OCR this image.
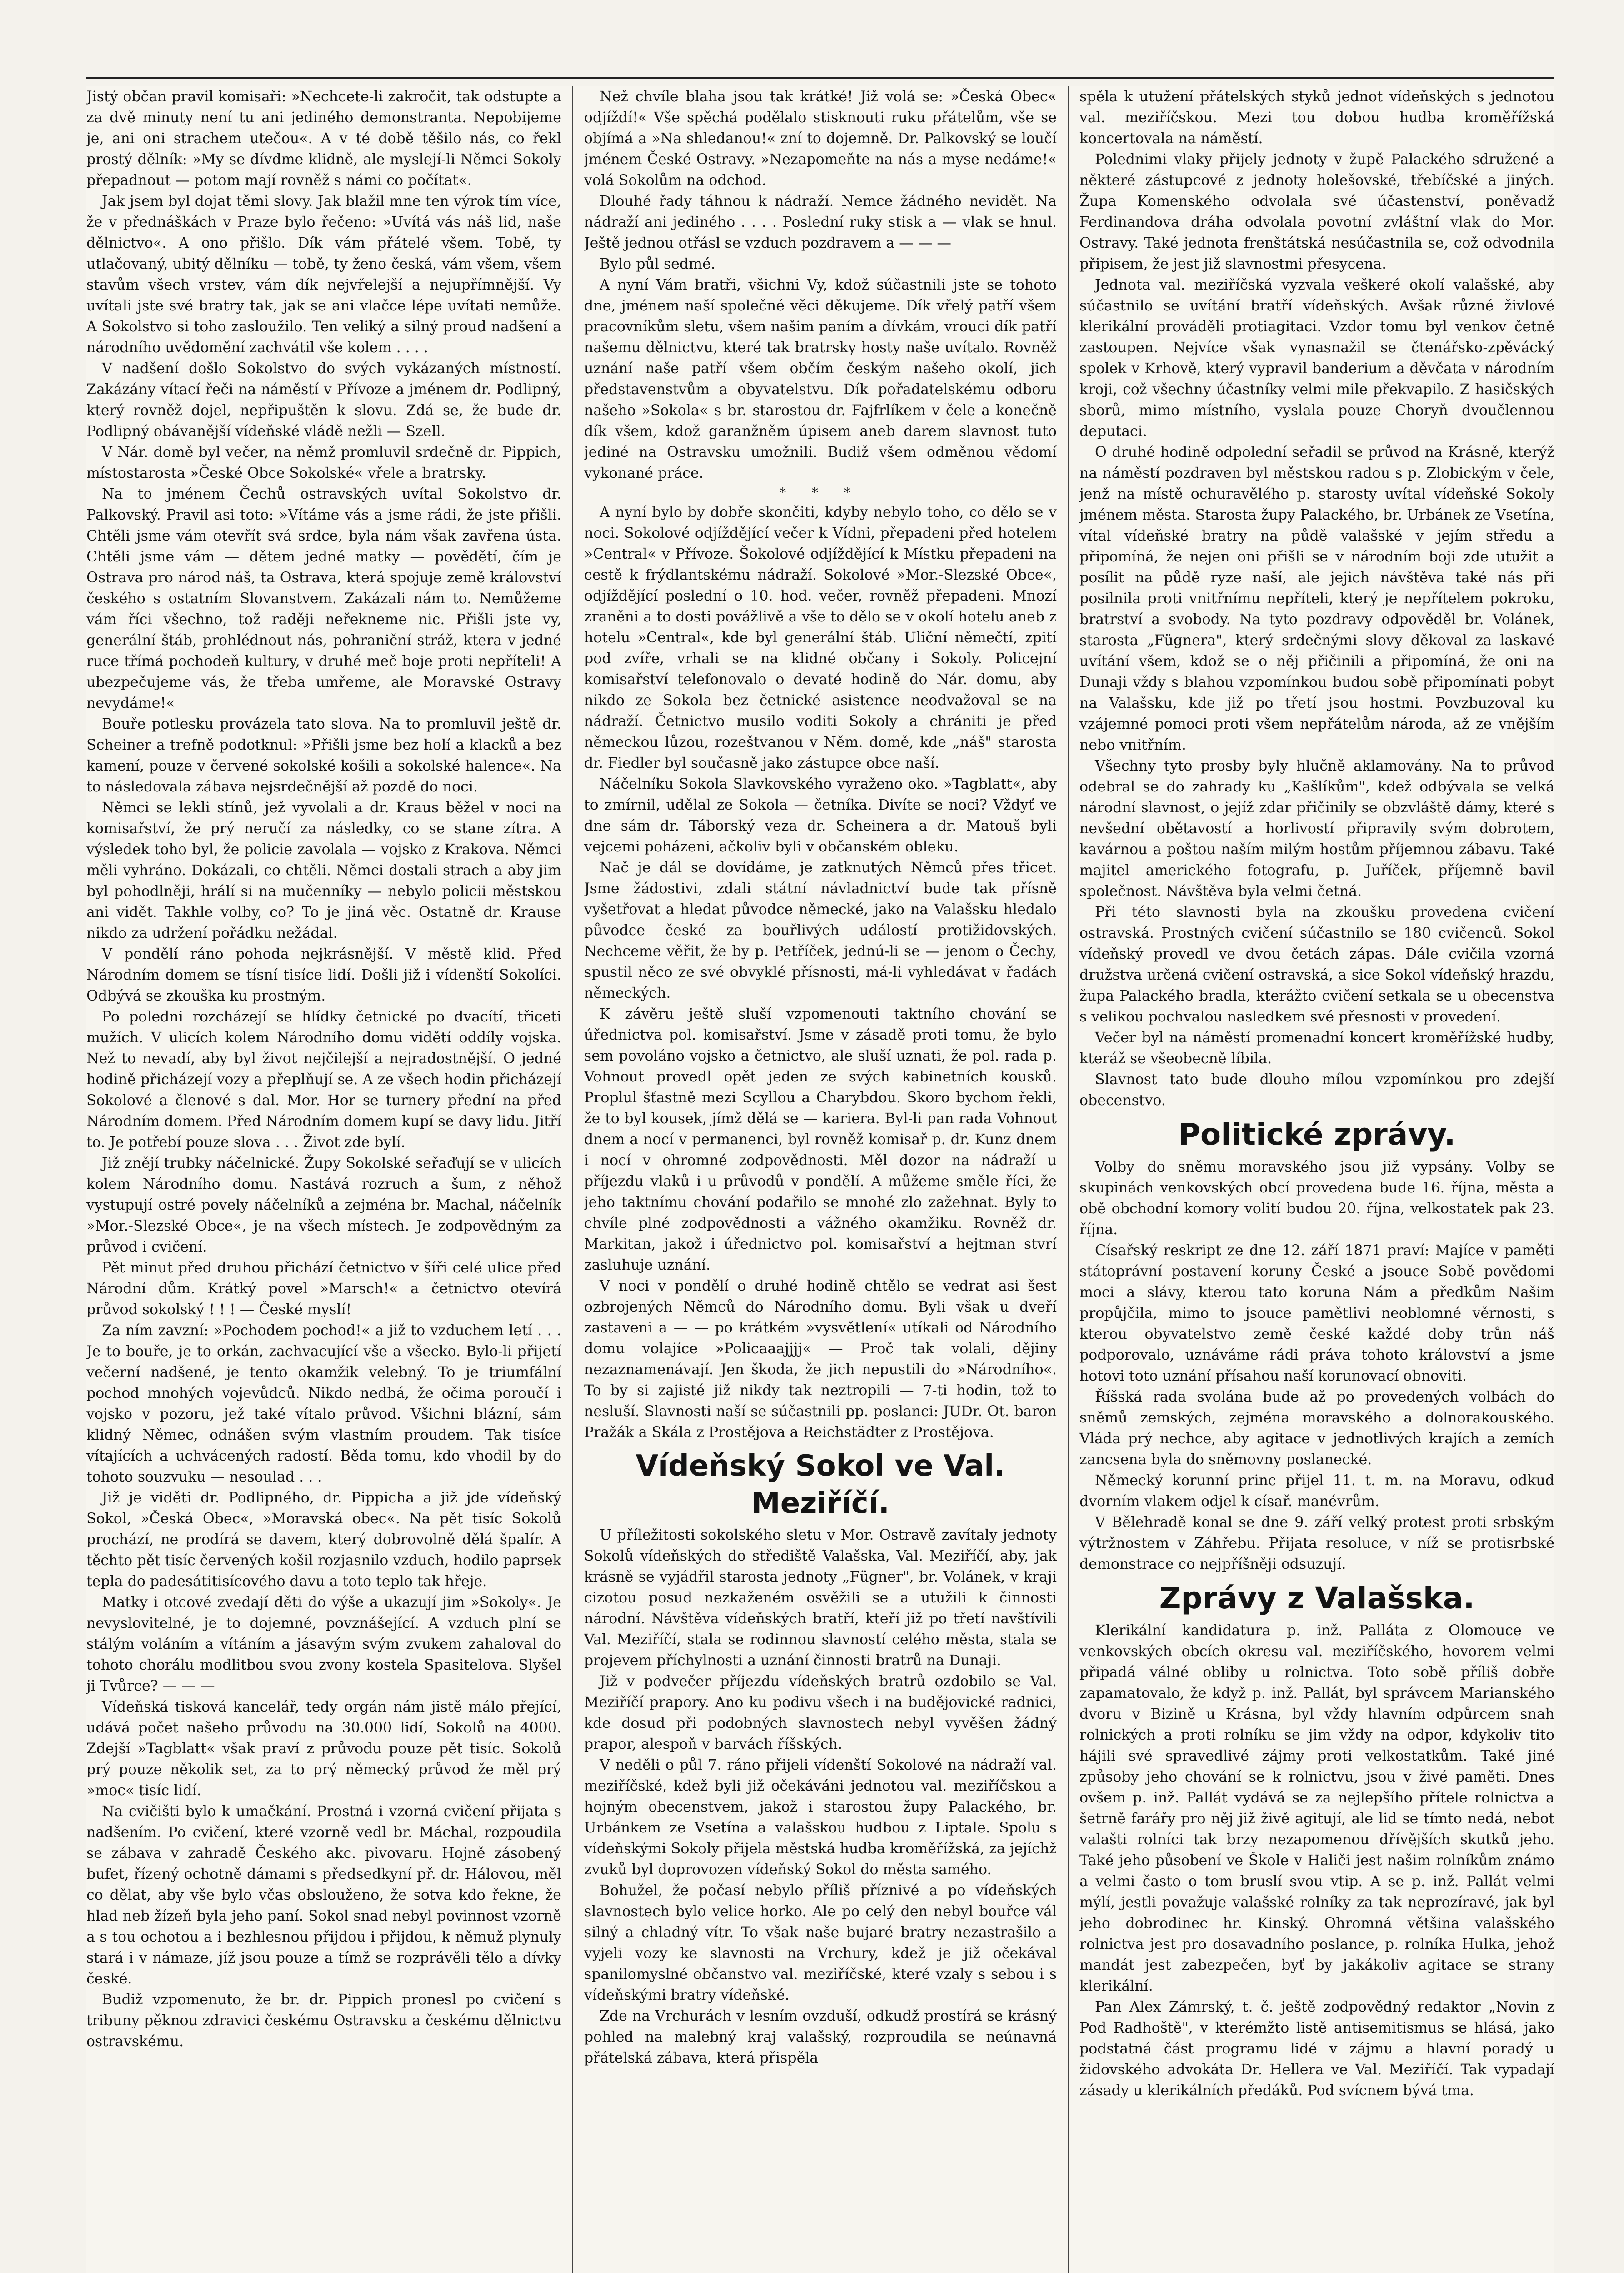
Jistý občan pravil komisaři: »Nechcete-li zakročit, tak odstupte a za dvě minuty není tu ani jediného demonstranta. Nepobijeme je, ani oni strachem utečou«. A v té době těšilo nás, co řekl prostý dělník: »My se dívdme klidně, ale myslejí-li Němci Sokoly přepadnout — potom mají rovněž s námi co počítat«.

Jak jsem byl dojat těmi slovy. Jak blažil mne ten výrok tím více, že v přednáškách v Praze bylo řečeno: »Uvítá vás náš lid, naše dělnictvo«. A ono přišlo. Dík vám přátelé všem. Tobě, ty utlačovaný, ubitý dělníku — tobě, ty ženo česká, vám všem, všem stavům všech vrstev, vám dík nejvřelejší a nejupřímnější. Vy uvítali jste své bratry tak, jak se ani vlačce lépe uvítati nemůže. A Sokolstvo si toho zasloužilo. Ten veliký a silný proud nadšení a národního uvědomění zachvátil vše kolem . . . .

V nadšení došlo Sokolstvo do svých vykázaných místností. Zakázány vítací řeči na náměstí v Přívoze a jménem dr. Podlipný, který rovněž dojel, nepřipuštěn k slovu. Zdá se, že bude dr. Podlipný obávanější vídeňské vládě nežli — Szell.

V Nár. domě byl večer, na němž promluvil srdečně dr. Pippich, místostarosta »České Obce Sokolské« vřele a bratrsky.

Na to jménem Čechů ostravských uvítal Sokolstvo dr. Palkovský. Pravil asi toto: »Vítáme vás a jsme rádi, že jste přišli. Chtěli jsme vám otevřít svá srdce, byla nám však zavřena ústa. Chtěli jsme vám — dětem jedné matky — povědětí, čím je Ostrava pro národ náš, ta Ostrava, která spojuje země království českého s ostatním Slovanstvem. Zakázali nám to. Nemůžeme vám říci všechno, tož raději neřekneme nic. Přišli jste vy, generální štáb, prohlédnout nás, pohraniční stráž, ktera v jedné ruce třímá pochodeň kultury, v druhé meč boje proti nepříteli! A ubezpečujeme vás, že třeba umřeme, ale Moravské Ostravy nevydáme!«

Bouře potlesku provázela tato slova. Na to promluvil ještě dr. Scheiner a trefně podotknul: »Přišli jsme bez holí a klacků a bez kamení, pouze v červené sokolské košili a sokolské halence«. Na to následovala zábava nejsrdečnější až pozdě do noci.

Němci se lekli stínů, jež vyvolali a dr. Kraus běžel v noci na komisařství, že prý neručí za následky, co se stane zítra. A výsledek toho byl, že policie zavolala — vojsko z Krakova. Němci měli vyhráno. Dokázali, co chtěli. Němci dostali strach a aby jim byl pohodlněji, hrálí si na mučenníky — nebylo policii městskou ani vidět. Takhle volby, co? To je jiná věc. Ostatně dr. Krause nikdo za udržení pořádku nežádal.

V pondělí ráno pohoda nejkrásnější. V městě klid. Před Národním domem se tísní tisíce lidí. Došli již i vídenští Sokolíci. Odbývá se zkouška ku prostným.

Po poledni rozcházejí se hlídky četnické po dvacítí, třiceti mužích. V ulicích kolem Národního domu vidětí oddíly vojska. Než to nevadí, aby byl život nejčilejší a nejradostnější. O jedné hodině přicházejí vozy a přeplňují se. A ze všech hodin přicházejí Sokolové a členové s dal. Mor. Hor se turnery přední na před Národním domem. Před Národním domem kupí se davy lidu. Jitří to. Je potřebí pouze slova . . . Život zde bylí.

Již znějí trubky náčelnické. Župy Sokolské seřaďují se v ulicích kolem Národního domu. Nastává rozruch a šum, z něhož vystupují ostré povely náčelníků a zejména br. Machal, náčelník »Mor.-Slezské Obce«, je na všech místech. Je zodpovědným za průvod i cvičení.

Pět minut před druhou přichází četnictvo v šíři celé ulice před Národní dům. Krátký povel »Marsch!« a četnictvo otevírá průvod sokolský ! ! ! — České myslí!

Za ním zavzní: »Pochodem pochod!« a již to vzduchem letí . . . Je to bouře, je to orkán, zachvacující vše a všecko. Bylo-li přijetí večerní nadšené, je tento okamžik velebný. To je triumfální pochod mnohých vojevůdců. Nikdo nedbá, že očima poroučí i vojsko v pozoru, jež také vítalo průvod. Všichni blázní, sám klidný Němec, odnášen svým vlastním proudem. Tak tisíce vítajících a uchvácených radostí. Běda tomu, kdo vhodil by do tohoto souzvuku — nesoulad . . .

Již je viděti dr. Podlipného, dr. Pippicha a již jde vídeňský Sokol, »Česká Obec«, »Moravská obec«. Na pět tisíc Sokolů prochází, ne prodírá se davem, který dobrovolně dělá špalír. A těchto pět tisíc červených košil rozjasnilo vzduch, hodilo paprsek tepla do padesátitisícového davu a toto teplo tak hřeje.

Matky i otcové zvedají děti do výše a ukazují jim »Sokoly«. Je nevyslovitelné, je to dojemné, povznášející. A vzduch plní se stálým voláním a vítáním a jásavým svým zvukem zahaloval do tohoto chorálu modlitbou svou zvony kostela Spasitelova. Slyšel ji Tvůrce? — — —

Vídeňská tisková kancelář, tedy orgán nám jistě málo přející, udává počet našeho průvodu na 30.000 lidí, Sokolů na 4000. Zdejší »Tagblatt« však praví z průvodu pouze pět tisíc. Sokolů prý pouze několik set, za to prý německý průvod že měl prý »moc« tisíc lidí.

Na cvičišti bylo k umačkání. Prostná i vzorná cvičení přijata s nadšením. Po cvičení, které vzorně vedl br. Máchal, rozpoudila se zábava v zahradě Českého akc. pivovaru. Hojně zásobený bufet, řízený ochotně dámami s předsedkyní př. dr. Hálovou, měl co dělat, aby vše bylo včas obslouženo, že sotva kdo řekne, že hlad neb žízeň byla jeho paní. Sokol snad nebyl povinnost vzorně a s tou ochotou a i bezhlesnou přijdou i přijdou, k němuž plynuly stará i v námaze, jíž jsou pouze a tímž se rozprávěli tělo a dívky české.

Budiž vzpomenuto, že br. dr. Pippich pronesl po cvičení s tribuny pěknou zdravici českému Ostravsku a českému dělnictvu ostravskému.

Než chvíle blaha jsou tak krátké! Již volá se: »Česká Obec« odjíždí!« Vše spěchá podělalo stisknouti ruku přátelům, vše se objímá a »Na shledanou!« zní to dojemně. Dr. Palkovský se loučí jménem České Ostravy. »Nezapomeňte na nás a myse nedáme!« volá Sokolům na odchod.

Dlouhé řady táhnou k nádraží. Nemce žádného nevidět. Na nádraží ani jediného . . . . Poslední ruky stisk a — vlak se hnul. Ještě jednou otřásl se vzduch pozdravem a — — —

Bylo půl sedmé.

A nyní Vám bratři, všichni Vy, kdož súčastnili jste se tohoto dne, jménem naší společné věci děkujeme. Dík vřelý patří všem pracovníkům sletu, všem našim paním a dívkám, vrouci dík patří našemu dělnictvu, které tak bratrsky hosty naše uvítalo. Rovněž uznání naše patří všem občím českým našeho okolí, jich představenstvům a obyvatelstvu. Dík pořadatelskému odboru našeho »Sokola« s br. starostou dr. Fajfrlíkem v čele a konečně dík všem, kdož garanžněm úpisem aneb darem slavnost tuto jediné na Ostravsku umožnili. Budiž všem odměnou vědomí vykonané práce.

* * *

A nyní bylo by dobře skončiti, kdyby nebylo toho, co dělo se v noci. Sokolové odjíždějící večer k Vídni, přepadeni před hotelem »Central« v Přívoze. Šokolové odjíždějící k Místku přepadeni na cestě k frýdlantskému nádraží. Sokolové »Mor.-Slezské Obce«, odjíždějící poslední o 10. hod. večer, rovněž přepadeni. Mnozí zraněni a to dosti povážlivě a vše to dělo se v okolí hotelu aneb z hotelu »Central«, kde byl generální štáb. Uliční němečtí, zpití pod zvíře, vrhali se na klidné občany i Sokoly. Policejní komisařství telefonovalo o devaté hodině do Nár. domu, aby nikdo ze Sokola bez četnické asistence neodvažoval se na nádraží. Četnictvo musilo voditi Sokoly a chrániti je před německou lůzou, rozeštvanou v Něm. domě, kde „náš" starosta dr. Fiedler byl současně jako zástupce obce naší.

Náčelníku Sokola Slavkovského vyraženo oko. »Tagblatt«, aby to zmírnil, udělal ze Sokola — četníka. Divíte se noci? Vždyť ve dne sám dr. Táborský veza dr. Scheinera a dr. Matouš byli vejcemi poházeni, ačkoliv byli v občanském obleku.

Nač je dál se dovídáme, je zatknutých Němců přes třicet. Jsme žádostivi, zdali státní návladnictví bude tak přísně vyšetřovat a hledat původce německé, jako na Valašsku hledalo původce české za bouřlivých událostí protižidovských. Nechceme věřit, že by p. Petříček, jednú-li se — jenom o Čechy, spustil něco ze své obvyklé přísnosti, má-li vyhledávat v řadách německých.

K závěru ještě sluší vzpomenouti taktního chování se úřednictva pol. komisařství. Jsme v zásadě proti tomu, že bylo sem povoláno vojsko a četnictvo, ale sluší uznati, že pol. rada p. Vohnout provedl opět jeden ze svých kabinetních kousků. Proplul šťastně mezi Scyllou a Charybdou. Skoro bychom řekli, že to byl kousek, jímž dělá se — kariera. Byl-li pan rada Vohnout dnem a nocí v permanenci, byl rovněž komisař p. dr. Kunz dnem i nocí v ohromné zodpovědnosti. Měl dozor na nádraží u příjezdu vlaků i u průvodů v pondělí. A můžeme směle říci, že jeho taktnímu chování podařilo se mnohé zlo zažehnat. Byly to chvíle plné zodpovědnosti a vážného okamžiku. Rovněž dr. Markitan, jakož i úřednictvo pol. komisařství a hejtman stvrí zasluhuje uznání.

V noci v pondělí o druhé hodině chtělo se vedrat asi šest ozbrojených Němců do Národního domu. Byli však u dveří zastaveni a — — po krátkém »vysvětlení« utíkali od Národního domu volajíce »Policaaajjjj« — Proč tak volali, dějiny nezaznamenávají. Jen škoda, že jich nepustili do »Národního«. To by si zajisté již nikdy tak neztropili — 7-ti hodin, tož to nesluší. Slavnosti naší se súčastnili pp. poslanci: JUDr. Ot. baron Pražák a Skála z Prostějova a Reichstädter z Prostějova.

Vídeňský Sokol ve Val. Meziříčí.

U příležitosti sokolského sletu v Mor. Ostravě zavítaly jednoty Sokolů vídeňských do střediště Valašska, Val. Meziříčí, aby, jak krásně se vyjádřil starosta jednoty „Fügner", br. Volánek, v kraji cizotou posud nezkaženém osvěžili se a utužili k činnosti národní. Návštěva vídeňských bratří, kteří již po třetí navštívili Val. Meziříčí, stala se rodinnou slavností celého města, stala se projevem příchylnosti a uznání činnosti bratrů na Dunaji.

Již v podvečer příjezdu vídeňských bratrů ozdobilo se Val. Meziříčí prapory. Ano ku podivu všech i na budějovické radnici, kde dosud při podobných slavnostech nebyl vyvěšen žádný prapor, alespoň v barvách říšských.

V neděli o půl 7. ráno přijeli vídenští Sokolové na nádraží val. meziříčské, kdež byli již očekáváni jednotou val. meziříčskou a hojným obecenstvem, jakož i starostou župy Palackého, br. Urbánkem ze Vsetína a valašskou hudbou z Liptale. Spolu s vídeňskými Sokoly přijela městská hudba kroměřížská, za jejíchž zvuků byl doprovozen vídeňský Sokol do města samého.

Bohužel, že počasí nebylo příliš příznivé a po vídeňských slavnostech bylo velice horko. Ale po celý den nebyl bouřce vál silný a chladný vítr. To však naše bujaré bratry nezastrašilo a vyjeli vozy ke slavnosti na Vrchury, kdež je již očekával spanilomyslné občanstvo val. meziříčské, které vzaly s sebou i s vídeňskými bratry vídeňské.

Zde na Vrchurách v lesním ovzduší, odkudž prostírá se krásný pohled na malebný kraj valašský, rozproudila se neúnavná přátelská zábava, která přispěla

spěla k utužení přátelských styků jednot vídeňských s jednotou val. meziříčskou. Mezi tou dobou hudba kroměřížská koncertovala na náměstí.

Polednimi vlaky přijely jednoty v župě Palackého sdružené a některé zástupcové z jednoty holešovské, třebíčské a jiných. Župa Komenského odvolala své účastenství, poněvadž Ferdinandova dráha odvolala povotní zvláštní vlak do Mor. Ostravy. Také jednota frenštátská nesúčastnila se, což odvodnila připisem, že jest již slavnostmi přesycena.

Jednota val. meziříčská vyzvala veškeré okolí valašské, aby súčastnilo se uvítání bratří vídeňských. Avšak různé živlové klerikální prováděli protiagitaci. Vzdor tomu byl venkov četně zastoupen. Nejvíce však vynasnažil se čtenářsko-zpěvácký spolek v Krhově, který vypravil banderium a děvčata v národním kroji, což všechny účastníky velmi mile překvapilo. Z hasičských sborů, mimo místního, vyslala pouze Choryň dvoučlennou deputaci.

O druhé hodině odpolední seřadil se průvod na Krásně, kterýž na náměstí pozdraven byl městskou radou s p. Zlobickým v čele, jenž na místě ochuravělého p. starosty uvítal vídeňské Sokoly jménem města. Starosta župy Palackého, br. Urbánek ze Vsetína, vítal vídeňské bratry na půdě valašské v jejím středu a připomíná, že nejen oni přišli se v národním boji zde utužit a posílit na půdě ryze naší, ale jejich návštěva také nás při posilnila proti vnitřnímu nepříteli, který je nepřítelem pokroku, bratrství a svobody. Na tyto pozdravy odpověděl br. Volánek, starosta „Fügnera", který srdečnými slovy děkoval za laskavé uvítání všem, kdož se o něj přičinili a připomíná, že oni na Dunaji vždy s blahou vzpomínkou budou sobě připomínati pobyt na Valašsku, kde již po třetí jsou hostmi. Povzbuzoval ku vzájemné pomoci proti všem nepřátelům národa, až ze vnějším nebo vnitřním.

Všechny tyto prosby byly hlučně aklamovány. Na to průvod odebral se do zahrady ku „Kašlíkům", kdež odbývala se velká národní slavnost, o jejíž zdar přičinily se obzvláště dámy, které s nevšední obětavostí a horlivostí připravily svým dobrotem, kavárnou a poštou naším milým hostům příjemnou zábavu. Také majitel amerického fotografu, p. Juříček, příjemně bavil společnost. Návštěva byla velmi četná.

Při této slavnosti byla na zkoušku provedena cvičení ostravská. Prostných cvičení súčastnilo se 180 cvičenců. Sokol vídeňský provedl ve dvou četách zápas. Dále cvičila vzorná družstva určená cvičení ostravská, a sice Sokol vídeňský hrazdu, župa Palackého bradla, kterážto cvičení setkala se u obecenstva s velikou pochvalou nasledkem své přesnosti v provedení.

Večer byl na náměstí promenadní koncert kroměřížské hudby, kteráž se všeobecně líbila.

Slavnost tato bude dlouho mílou vzpomínkou pro zdejší obecenstvo.

Politické zprávy.

Volby do sněmu moravského jsou již vypsány. Volby se skupinách venkovských obcí provedena bude 16. října, města a obě obchodní komory volití budou 20. října, velkostatek pak 23. října.

Císařský reskript ze dne 12. září 1871 praví: Majíce v paměti státoprávní postavení koruny České a jsouce Sobě povědomi moci a slávy, kterou tato koruna Nám a předkům Našim propůjčila, mimo to jsouce pamětlivi neoblomné věrnosti, s kterou obyvatelstvo země české každé doby trůn náš podporovalo, uznáváme rádi práva tohoto království a jsme hotovi toto uznání přísahou naší korunovací obnoviti.

Říšská rada svolána bude až po provedených volbách do sněmů zemských, zejména moravského a dolnorakouského. Vláda prý nechce, aby agitace v jednotlivých krajích a zemích zancsena byla do sněmovny poslanecké.

Německý korunní princ přijel 11. t. m. na Moravu, odkud dvorním vlakem odjel k císař. manévrům.

V Bělehradě konal se dne 9. září velký protest proti srbským výtržnostem v Záhřebu. Přijata resoluce, v níž se protisrbské demonstrace co nejpříšněji odsuzují.

Zprávy z Valašska.

Klerikální kandidatura p. inž. Palláta z Olomouce ve venkovských obcích okresu val. meziříčského, hovorem velmi připadá válné obliby u rolnictva. Toto sobě příliš dobře zapamatovalo, že když p. inž. Pallát, byl správcem Marianského dvoru v Bizině u Krásna, byl vždy hlavním odpůrcem snah rolnických a proti rolníku se jim vždy na odpor, kdykoliv tito hájili své spravedlivé zájmy proti velkostatkům. Také jiné způsoby jeho chování se k rolnictvu, jsou v živé paměti. Dnes ovšem p. inž. Pallát vydává se za nejlepšího přítele rolnictva a šetrně farářy pro něj již živě agitují, ale lid se tímto nedá, nebot valašti rolníci tak brzy nezapomenou dřívějších skutků jeho. Také jeho působení ve Škole v Haliči jest našim rolníkům známo a velmi často o tom bruslí svou vtip. A se p. inž. Pallát velmi mýlí, jestli považuje valašské rolníky za tak neprozíravé, jak byl jeho dobrodinec hr. Kinský. Ohromná většina valašského rolnictva jest pro dosavadního poslance, p. rolníka Hulka, jehož mandát jest zabezpečen, byť by jakákoliv agitace se strany klerikální.

Pan Alex Zámrský, t. č. ještě zodpovědný redaktor „Novin z Pod Radhoště", v kterémžto listě antisemitismus se hlásá, jako podstatná část programu lidé v zájmu a hlavní poradý u židovského advokáta Dr. Hellera ve Val. Meziříčí. Tak vypadají zásady u klerikálních předáků. Pod svícnem bývá tma.
